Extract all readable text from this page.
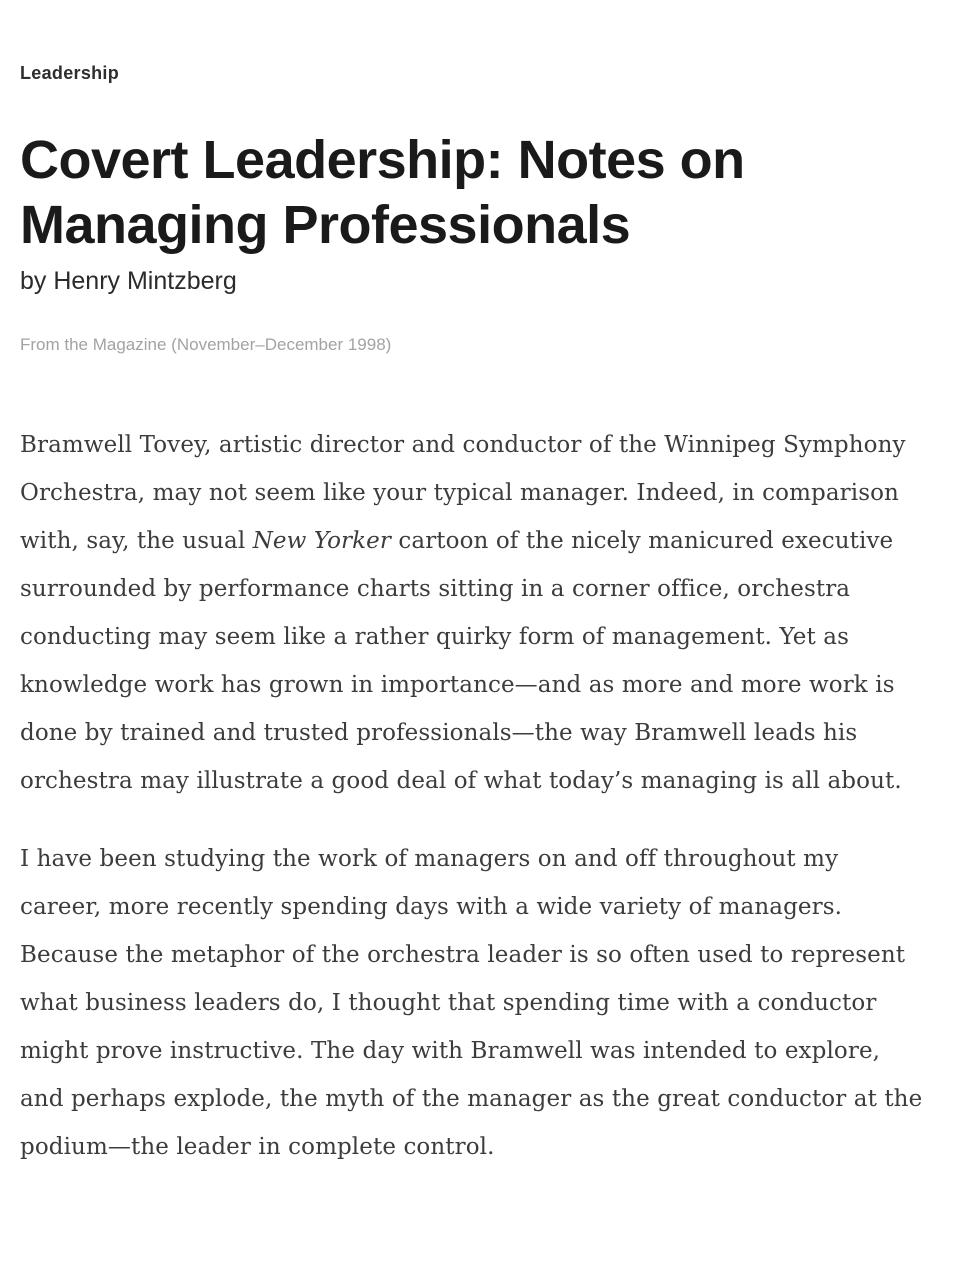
Leadership
Covert Leadership: Notes on Managing Professionals
by Henry Mintzberg
From the Magazine (November–December 1998)

Bramwell Tovey, artistic director and conductor of the Winnipeg Symphony Orchestra, may not seem like your typical manager. Indeed, in comparison with, say, the usual New Yorker cartoon of the nicely manicured executive surrounded by performance charts sitting in a corner office, orchestra conducting may seem like a rather quirky form of management. Yet as knowledge work has grown in importance—and as more and more work is done by trained and trusted professionals—the way Bramwell leads his orchestra may illustrate a good deal of what today’s managing is all about.

I have been studying the work of managers on and off throughout my career, more recently spending days with a wide variety of managers. Because the metaphor of the orchestra leader is so often used to represent what business leaders do, I thought that spending time with a conductor might prove instructive. The day with Bramwell was intended to explore, and perhaps explode, the myth of the manager as the great conductor at the podium—the leader in complete control.
